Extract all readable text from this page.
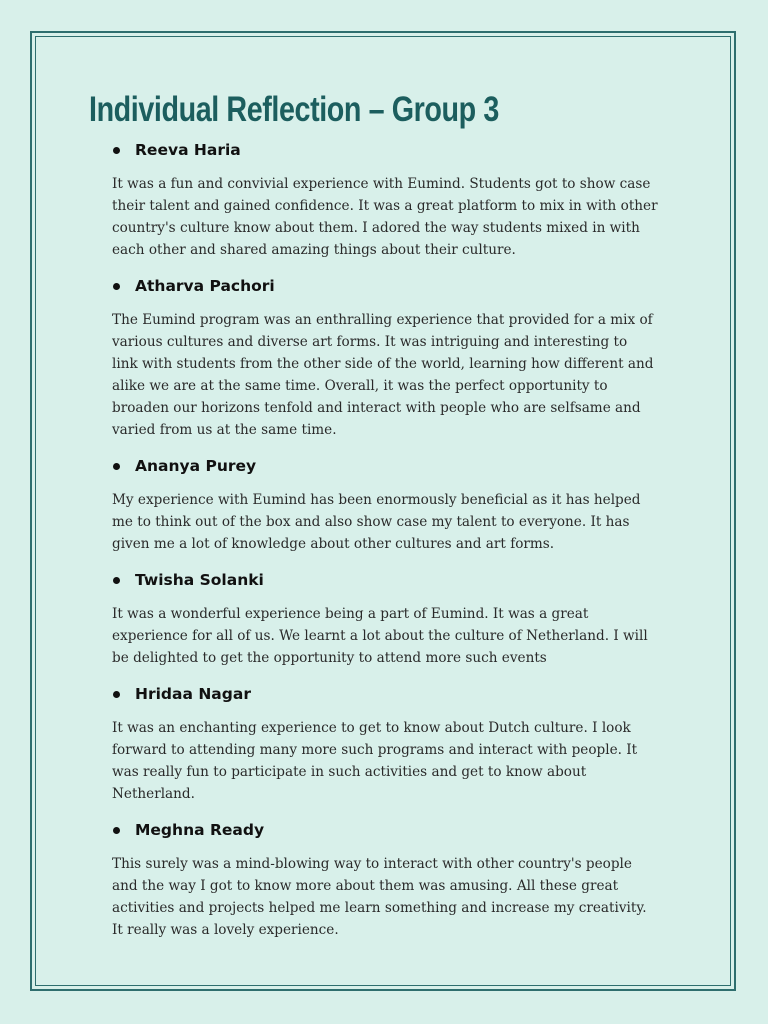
Individual Reflection – Group 3
Reeva Haria
It was a fun and convivial experience with Eumind. Students got to show case
their talent and gained confidence. It was a great platform to mix in with other
country's culture know about them. I adored the way students mixed in with
each other and shared amazing things about their culture.
Atharva Pachori
The Eumind program was an enthralling experience that provided for a mix of
various cultures and diverse art forms. It was intriguing and interesting to
link with students from the other side of the world, learning how different and
alike we are at the same time. Overall, it was the perfect opportunity to
broaden our horizons tenfold and interact with people who are selfsame and
varied from us at the same time.
Ananya Purey
My experience with Eumind has been enormously beneficial as it has helped
me to think out of the box and also show case my talent to everyone. It has
given me a lot of knowledge about other cultures and art forms.
Twisha Solanki
It was a wonderful experience being a part of Eumind. It was a great
experience for all of us. We learnt a lot about the culture of Netherland. I will
be delighted to get the opportunity to attend more such events
Hridaa Nagar
It was an enchanting experience to get to know about Dutch culture. I look
forward to attending many more such programs and interact with people. It
was really fun to participate in such activities and get to know about
Netherland.
Meghna Ready
This surely was a mind-blowing way to interact with other country's people
and the way I got to know more about them was amusing. All these great
activities and projects helped me learn something and increase my creativity.
It really was a lovely experience.
